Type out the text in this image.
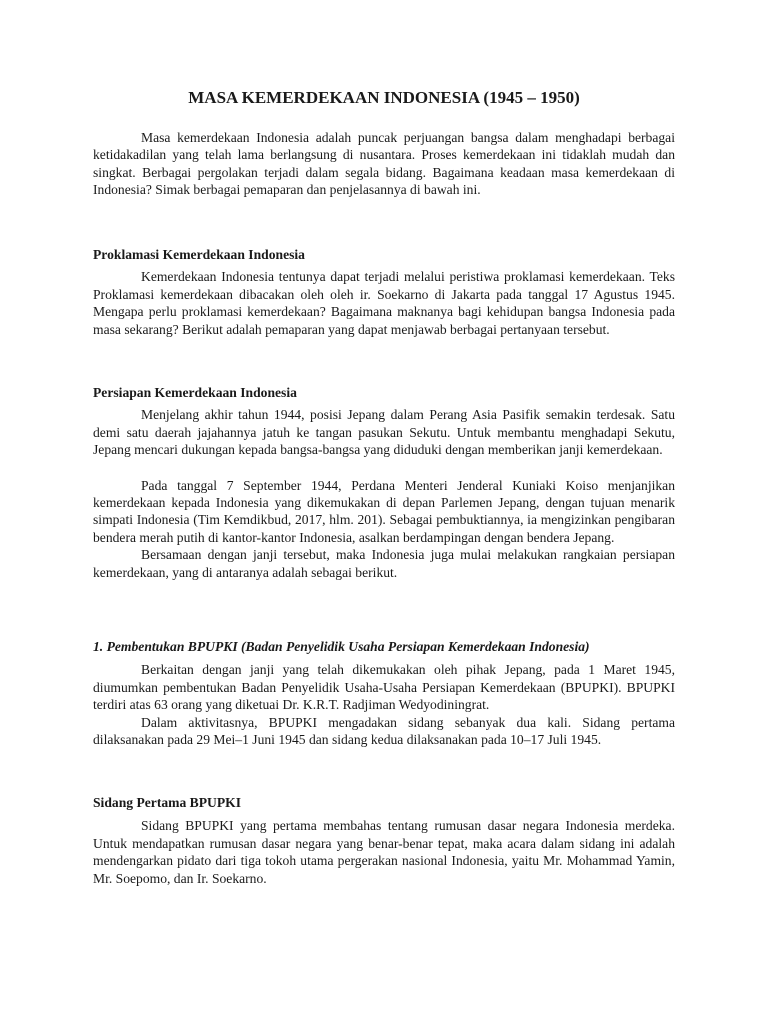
MASA KEMERDEKAAN INDONESIA (1945 – 1950)

Masa kemerdekaan Indonesia adalah puncak perjuangan bangsa dalam menghadapi berbagai ketidakadilan yang telah lama berlangsung di nusantara. Proses kemerdekaan ini tidaklah mudah dan singkat. Berbagai pergolakan terjadi dalam segala bidang. Bagaimana keadaan masa kemerdekaan di Indonesia? Simak berbagai pemaparan dan penjelasannya di bawah ini.

Proklamasi Kemerdekaan Indonesia

Kemerdekaan Indonesia tentunya dapat terjadi melalui peristiwa proklamasi kemerdekaan. Teks Proklamasi kemerdekaan dibacakan oleh oleh ir. Soekarno di Jakarta pada tanggal 17 Agustus 1945. Mengapa perlu proklamasi kemerdekaan? Bagaimana maknanya bagi kehidupan bangsa Indonesia pada masa sekarang? Berikut adalah pemaparan yang dapat menjawab berbagai pertanyaan tersebut.

Persiapan Kemerdekaan Indonesia

Menjelang akhir tahun 1944, posisi Jepang dalam Perang Asia Pasifik semakin terdesak. Satu demi satu daerah jajahannya jatuh ke tangan pasukan Sekutu. Untuk membantu menghadapi Sekutu, Jepang mencari dukungan kepada bangsa-bangsa yang diduduki dengan memberikan janji kemerdekaan.

Pada tanggal 7 September 1944, Perdana Menteri Jenderal Kuniaki Koiso menjanjikan kemerdekaan kepada Indonesia yang dikemukakan di depan Parlemen Jepang, dengan tujuan menarik simpati Indonesia (Tim Kemdikbud, 2017, hlm. 201). Sebagai pembuktiannya, ia mengizinkan pengibaran bendera merah putih di kantor-kantor Indonesia, asalkan berdampingan dengan bendera Jepang.

Bersamaan dengan janji tersebut, maka Indonesia juga mulai melakukan rangkaian persiapan kemerdekaan, yang di antaranya adalah sebagai berikut.

1. Pembentukan BPUPKI (Badan Penyelidik Usaha Persiapan Kemerdekaan Indonesia)

Berkaitan dengan janji yang telah dikemukakan oleh pihak Jepang, pada 1 Maret 1945, diumumkan pembentukan Badan Penyelidik Usaha-Usaha Persiapan Kemerdekaan (BPUPKI). BPUPKI terdiri atas 63 orang yang diketuai Dr. K.R.T. Radjiman Wedyodiningrat.

Dalam aktivitasnya, BPUPKI mengadakan sidang sebanyak dua kali. Sidang pertama dilaksanakan pada 29 Mei–1 Juni 1945 dan sidang kedua dilaksanakan pada 10–17 Juli 1945.

Sidang Pertama BPUPKI

Sidang BPUPKI yang pertama membahas tentang rumusan dasar negara Indonesia merdeka. Untuk mendapatkan rumusan dasar negara yang benar-benar tepat, maka acara dalam sidang ini adalah mendengarkan pidato dari tiga tokoh utama pergerakan nasional Indonesia, yaitu Mr. Mohammad Yamin, Mr. Soepomo, dan Ir. Soekarno.
